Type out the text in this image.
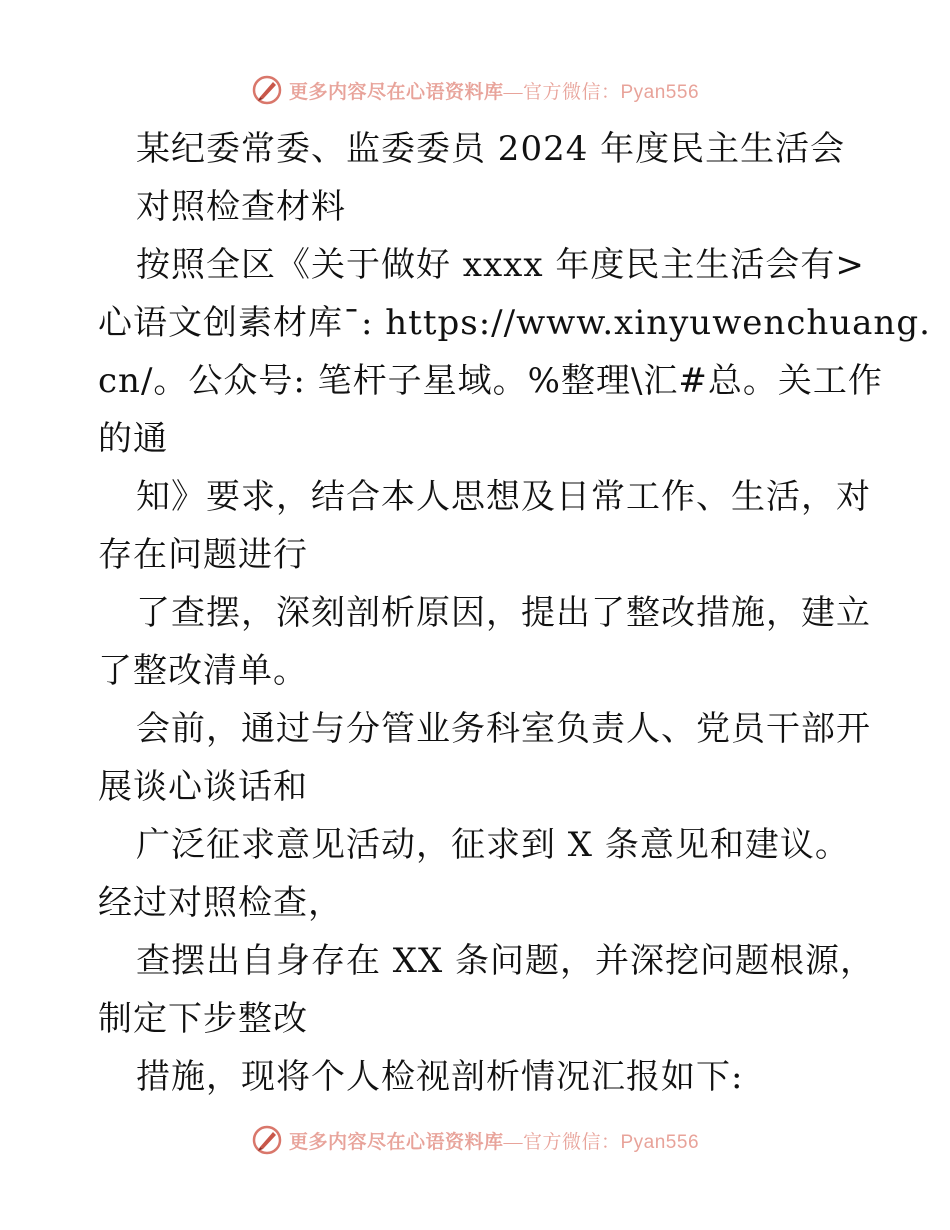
更多内容尽在心语资料库—官方微信：Pyan556
某纪委常委、监委委员 2024 年度民主生活会
对照检查材料
按照全区《关于做好 xxxx 年度民主生活会有>
心语文创素材库¯: https://www.xinyuwenchuang.
cn/。公众号: 笔杆子星域。%整理\汇#总。关工作
的通
知》要求，结合本人思想及日常工作、生活，对
存在问题进行
了查摆，深刻剖析原因，提出了整改措施，建立
了整改清单。
会前，通过与分管业务科室负责人、党员干部开
展谈心谈话和
广泛征求意见活动，征求到 X 条意见和建议。
经过对照检查，
查摆出自身存在 XX 条问题，并深挖问题根源，
制定下步整改
措施，现将个人检视剖析情况汇报如下:
更多内容尽在心语资料库—官方微信：Pyan556
